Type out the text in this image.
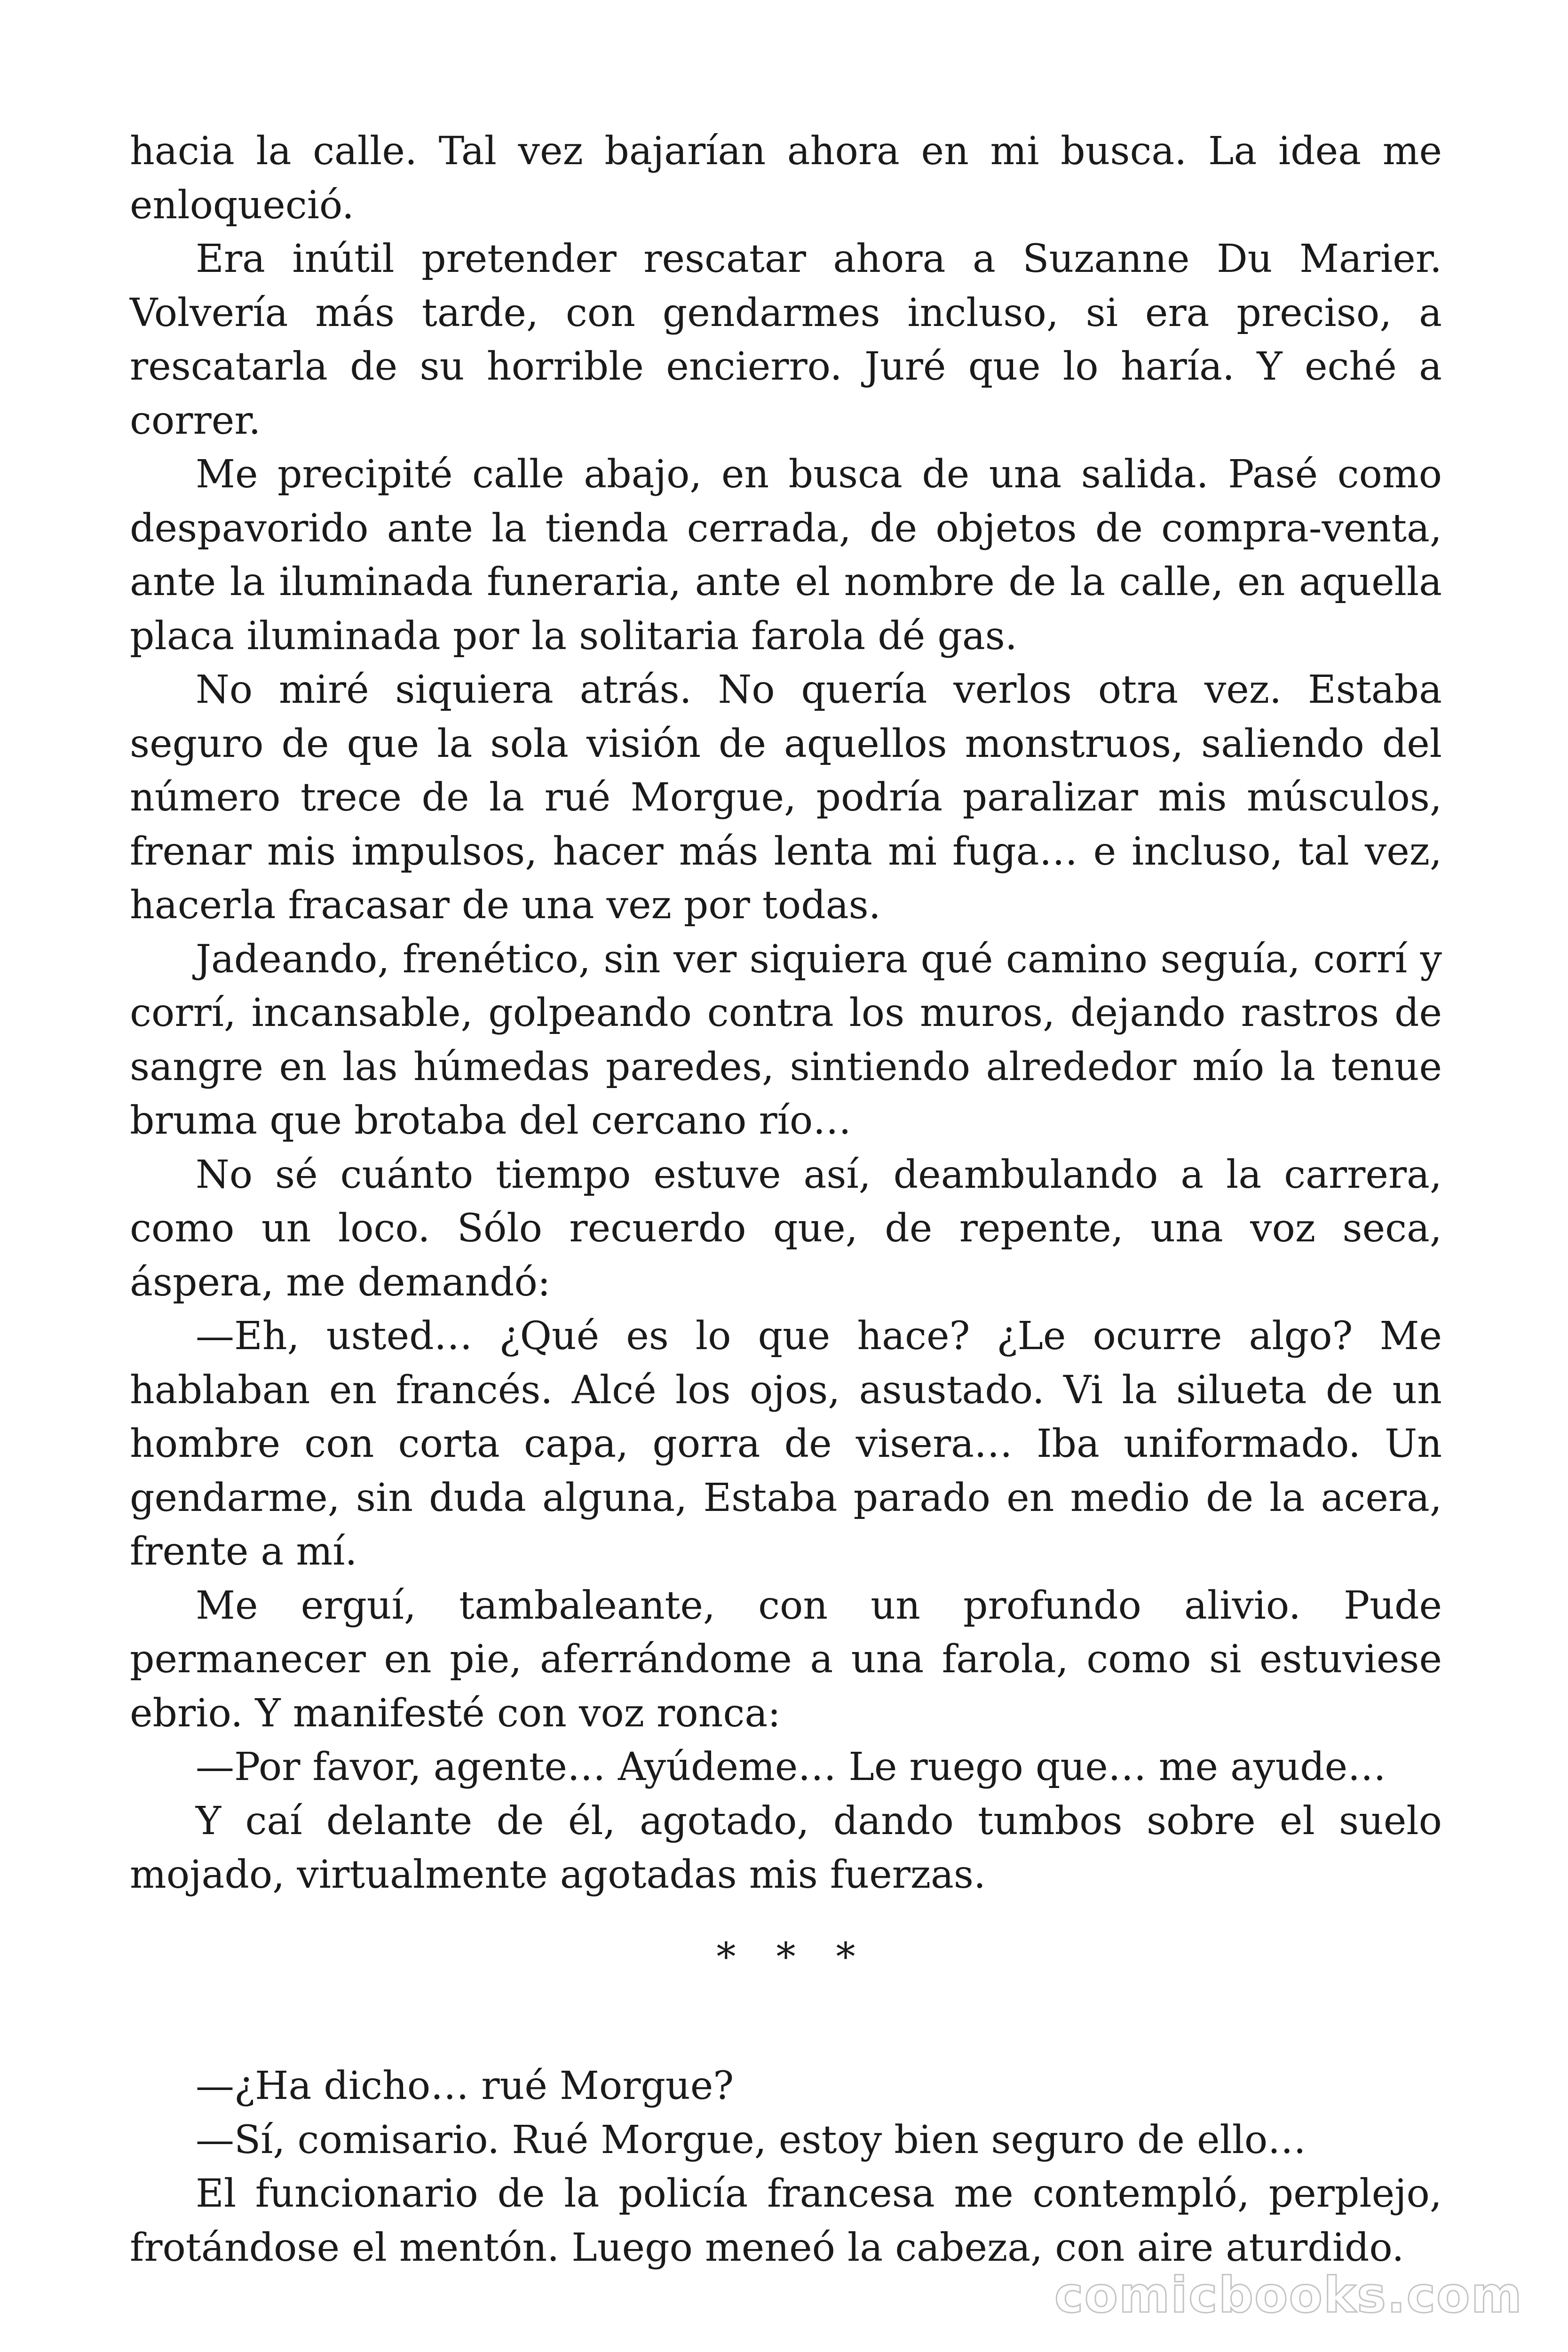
hacia la calle. Tal vez bajarían ahora en mi busca. La idea me enloqueció.

Era inútil pretender rescatar ahora a Suzanne Du Marier. Volvería más tarde, con gendarmes incluso, si era preciso, a rescatarla de su horrible encierro. Juré que lo haría. Y eché a correr.

Me precipité calle abajo, en busca de una salida. Pasé como despavorido ante la tienda cerrada, de objetos de compra-venta, ante la iluminada funeraria, ante el nombre de la calle, en aquella placa iluminada por la solitaria farola dé gas.

No miré siquiera atrás. No quería verlos otra vez. Estaba seguro de que la sola visión de aquellos monstruos, saliendo del número trece de la rué Morgue, podría paralizar mis músculos, frenar mis impulsos, hacer más lenta mi fuga… e incluso, tal vez, hacerla fracasar de una vez por todas.

Jadeando, frenético, sin ver siquiera qué camino seguía, corrí y corrí, incansable, golpeando contra los muros, dejando rastros de sangre en las húmedas paredes, sintiendo alrededor mío la tenue bruma que brotaba del cercano río…

No sé cuánto tiempo estuve así, deambulando a la carrera, como un loco. Sólo recuerdo que, de repente, una voz seca, áspera, me demandó:

—Eh, usted… ¿Qué es lo que hace? ¿Le ocurre algo? Me hablaban en francés. Alcé los ojos, asustado. Vi la silueta de un hombre con corta capa, gorra de visera… Iba uniformado. Un gendarme, sin duda alguna, Estaba parado en medio de la acera, frente a mí.

Me erguí, tambaleante, con un profundo alivio. Pude permanecer en pie, aferrándome a una farola, como si estuviese ebrio. Y manifesté con voz ronca:

—Por favor, agente… Ayúdeme… Le ruego que… me ayude…

Y caí delante de él, agotado, dando tumbos sobre el suelo mojado, virtualmente agotadas mis fuerzas.

* * *

—¿Ha dicho… rué Morgue?

—Sí, comisario. Rué Morgue, estoy bien seguro de ello…

El funcionario de la policía francesa me contempló, perplejo, frotándose el mentón. Luego meneó la cabeza, con aire aturdido.

comicbooks.com
